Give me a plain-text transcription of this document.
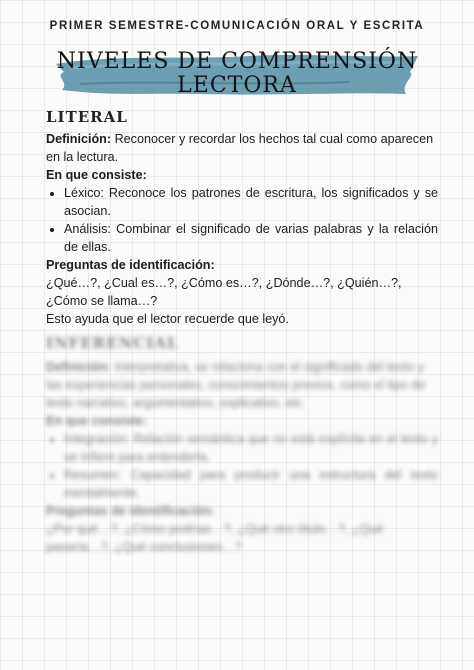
PRIMER SEMESTRE-COMUNICACIÓN ORAL Y ESCRITA
NIVELES DE COMPRENSIÓN
LECTORA
LITERAL

Definición: Reconocer y recordar los hechos tal cual como aparecen en la lectura.

En que consiste:

• Léxico: Reconoce los patrones de escritura, los significados y se asocian.
• Análisis: Combinar el significado de varias palabras y la relación de ellas.

Preguntas de identificación:

¿Qué…?, ¿Cual es…?, ¿Cómo es…?, ¿Dónde…?, ¿Quién…?, ¿Cómo se llama…?

Esto ayuda que el lector recuerde que leyó.

INFERENCIAL

Definición: Interpretativa, se relaciona con el significado del texto y las experiencias personales, conocimientos previos, como el tipo de texto narrativo, argumentativo, explicativo, etc.

En que consiste:

• Integración: Relación semántica que no está explícita en el texto y se infiere para entenderla.
• Resumen: Capacidad para producir una estructura del texto mentalmente.

Preguntas de identificación:

¿Por qué…?, ¿Cómo podrías…?, ¿Qué otro título…?, ¿Qué pasaría…?, ¿Qué conclusiones…?
